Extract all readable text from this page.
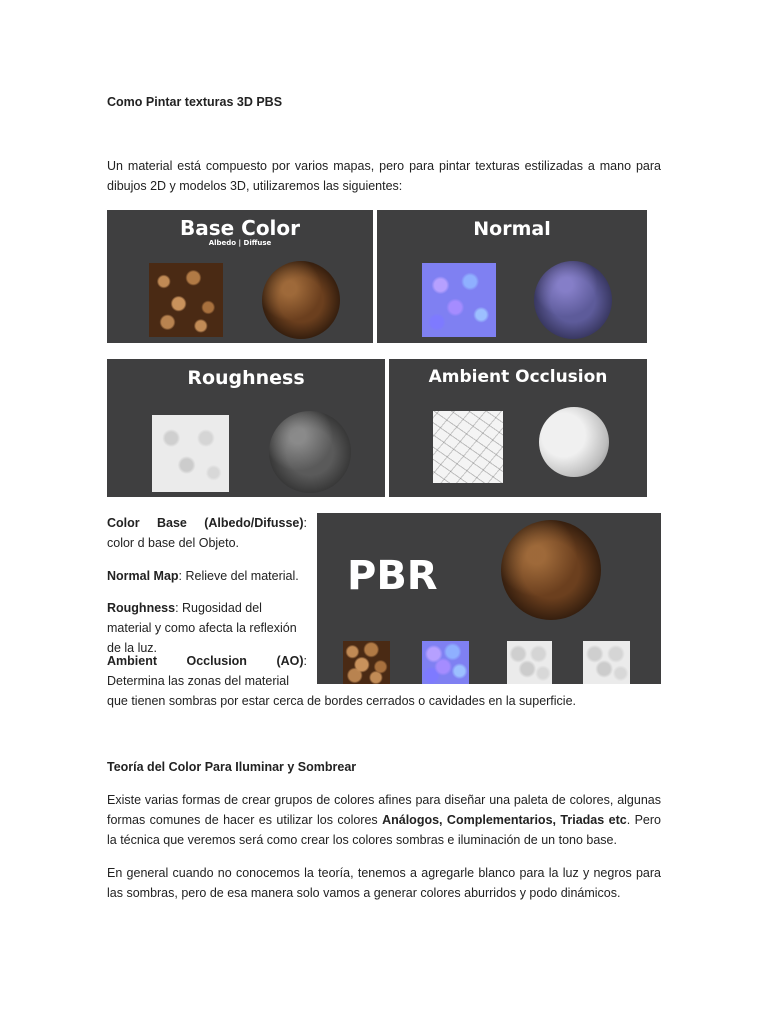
Como Pintar texturas 3D PBS

Un material está compuesto por varios mapas, pero para pintar texturas estilizadas a mano para dibujos 2D y modelos 3D, utilizaremos las siguientes:

Base Color
Albedo | Diffuse
Normal
Roughness	Ambient Occlusion
PBR

Color Base (Albedo/Difusse): color d base del Objeto.

Normal Map: Relieve del material.

Roughness: Rugosidad del material y como afecta la reflexión de la luz.

Ambient Occlusion (AO): Determina las zonas del material

que tienen sombras por estar cerca de bordes cerrados o cavidades en la superficie.

Teoría del Color Para Iluminar y Sombrear

Existe varias formas de crear grupos de colores afines para diseñar una paleta de colores, algunas formas comunes de hacer es utilizar los colores Análogos, Complementarios, Triadas etc. Pero la técnica que veremos será como crear los colores sombras e iluminación de un tono base.

En general cuando no conocemos la teoría, tenemos a agregarle blanco para la luz y negros para las sombras, pero de esa manera solo vamos a generar colores aburridos y podo dinámicos.
